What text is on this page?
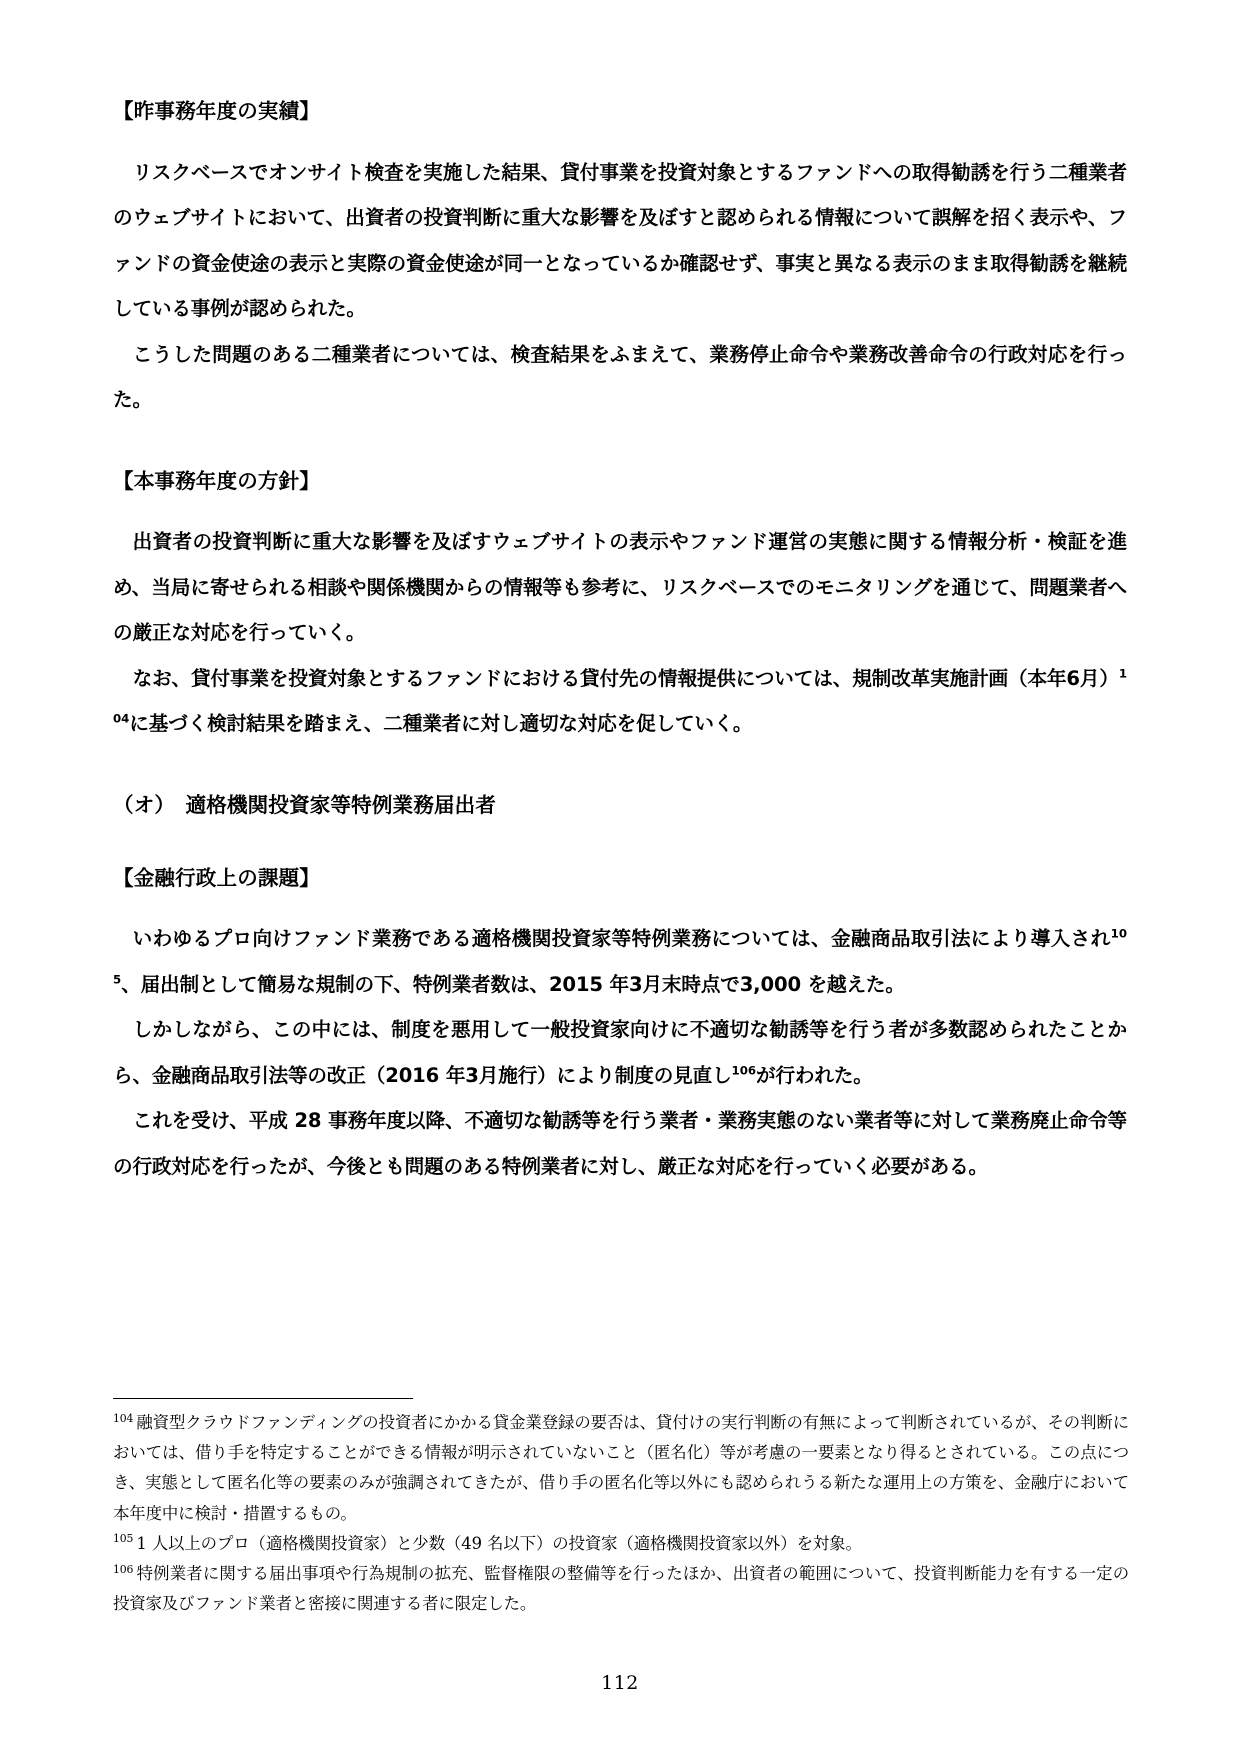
【昨事務年度の実績】

リスクベースでオンサイト検査を実施した結果、貸付事業を投資対象とするファンドへの取得勧誘を行う二種業者のウェブサイトにおいて、出資者の投資判断に重大な影響を及ぼすと認められる情報について誤解を招く表示や、ファンドの資金使途の表示と実際の資金使途が同一となっているか確認せず、事実と異なる表示のまま取得勧誘を継続している事例が認められた。

こうした問題のある二種業者については、検査結果をふまえて、業務停止命令や業務改善命令の行政対応を行った。

【本事務年度の方針】

出資者の投資判断に重大な影響を及ぼすウェブサイトの表示やファンド運営の実態に関する情報分析・検証を進め、当局に寄せられる相談や関係機関からの情報等も参考に、リスクベースでのモニタリングを通じて、問題業者への厳正な対応を行っていく。

なお、貸付事業を投資対象とするファンドにおける貸付先の情報提供については、規制改革実施計画（本年6月）$^{104}$に基づく検討結果を踏まえ、二種業者に対し適切な対応を促していく。

（オ）　適格機関投資家等特例業務届出者
【金融行政上の課題】

いわゆるプロ向けファンド業務である適格機関投資家等特例業務については、金融商品取引法により導入され$^{105}$、届出制として簡易な規制の下、特例業者数は、2015 年3月末時点で3,000 を越えた。

しかしながら、この中には、制度を悪用して一般投資家向けに不適切な勧誘等を行う者が多数認められたことから、金融商品取引法等の改正（2016 年3月施行）により制度の見直し$^{106}$が行われた。

これを受け、平成 28 事務年度以降、不適切な勧誘等を行う業者・業務実態のない業者等に対して業務廃止命令等の行政対応を行ったが、今後とも問題のある特例業者に対し、厳正な対応を行っていく必要がある。

$^{104}$ 融資型クラウドファンディングの投資者にかかる貸金業登録の要否は、貸付けの実行判断の有無によって判断されているが、その判断においては、借り手を特定することができる情報が明示されていないこと（匿名化）等が考慮の一要素となり得るとされている。この点につき、実態として匿名化等の要素のみが強調されてきたが、借り手の匿名化等以外にも認められうる新たな運用上の方策を、金融庁において本年度中に検討・措置するもの。

$^{105}$ 1 人以上のプロ（適格機関投資家）と少数（49 名以下）の投資家（適格機関投資家以外）を対象。

$^{106}$ 特例業者に関する届出事項や行為規制の拡充、監督権限の整備等を行ったほか、出資者の範囲について、投資判断能力を有する一定の投資家及びファンド業者と密接に関連する者に限定した。

112
